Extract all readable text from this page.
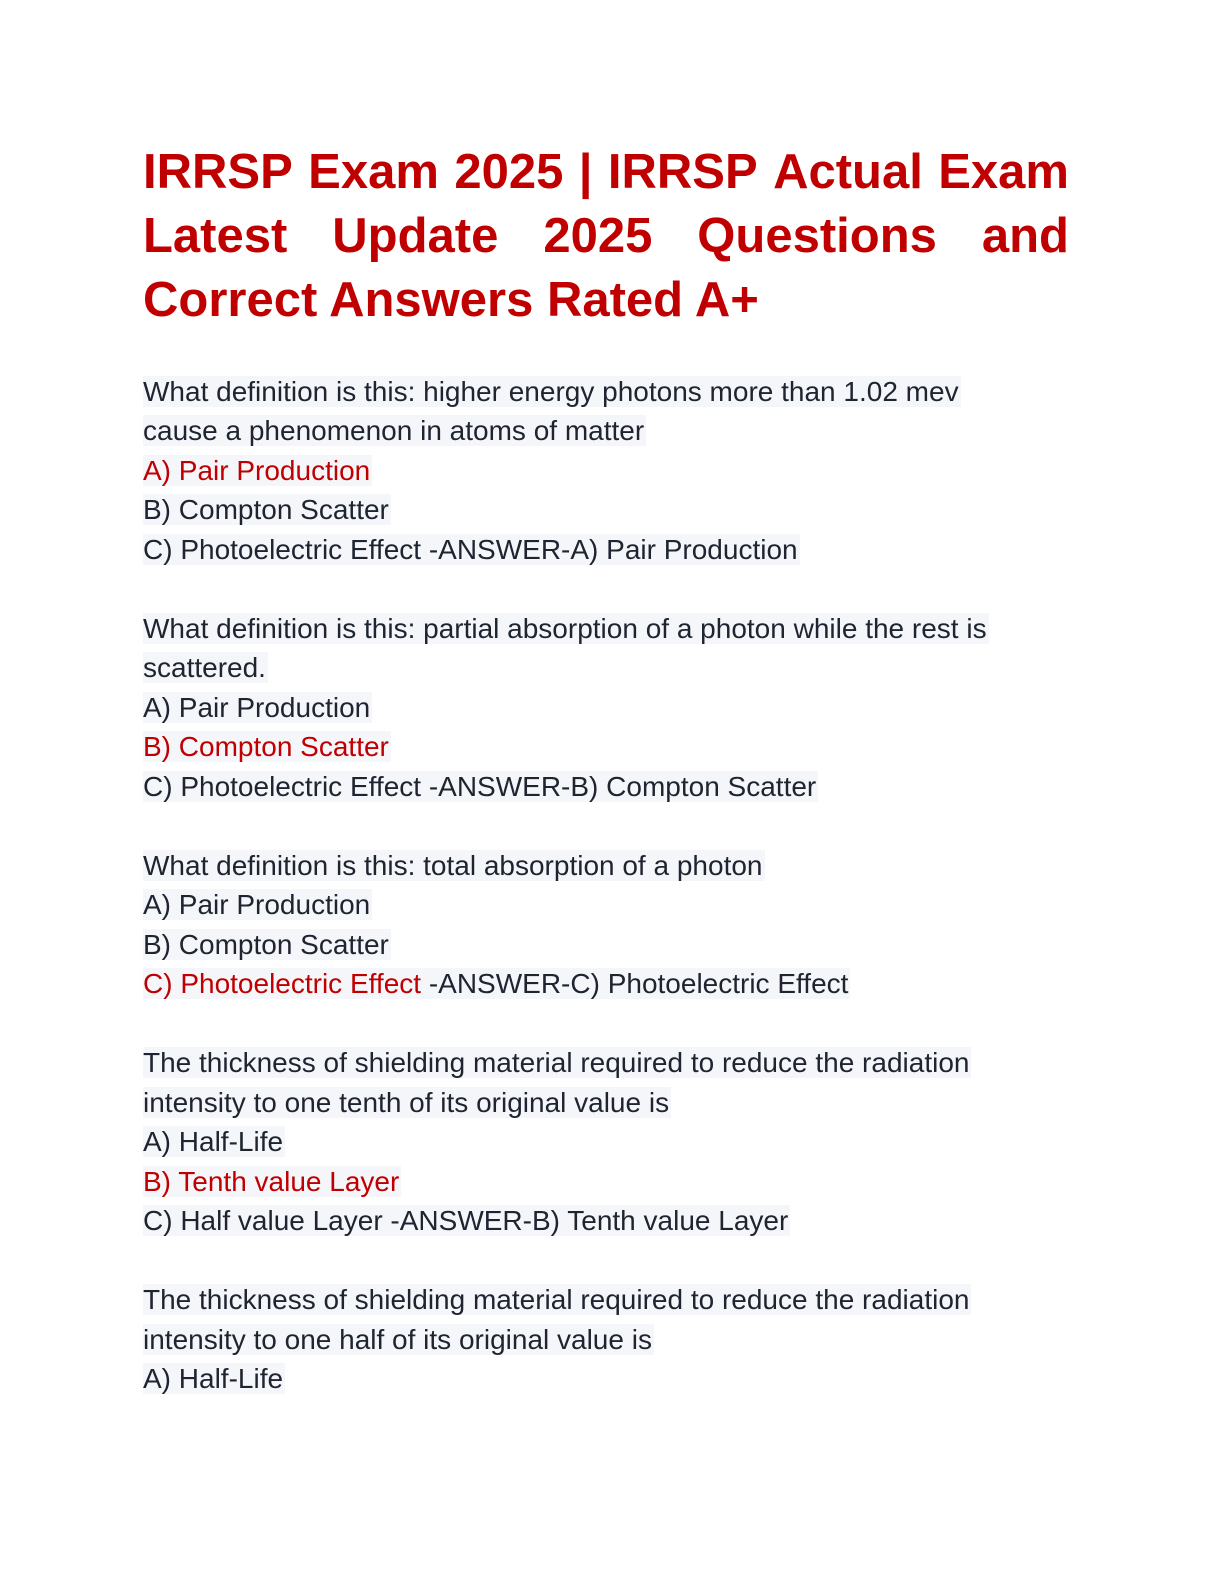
IRRSP Exam 2025 | IRRSP Actual Exam
Latest Update 2025 Questions and
Correct Answers Rated A+
What definition is this: higher energy photons more than 1.02 mev
cause a phenomenon in atoms of matter
A) Pair Production
B) Compton Scatter
C) Photoelectric Effect -ANSWER-A) Pair Production
What definition is this: partial absorption of a photon while the rest is
scattered.
A) Pair Production
B) Compton Scatter
C) Photoelectric Effect -ANSWER-B) Compton Scatter
What definition is this: total absorption of a photon
A) Pair Production
B) Compton Scatter
C) Photoelectric Effect -ANSWER-C) Photoelectric Effect
The thickness of shielding material required to reduce the radiation
intensity to one tenth of its original value is
A) Half-Life
B) Tenth value Layer
C) Half value Layer -ANSWER-B) Tenth value Layer
The thickness of shielding material required to reduce the radiation
intensity to one half of its original value is
A) Half-Life
